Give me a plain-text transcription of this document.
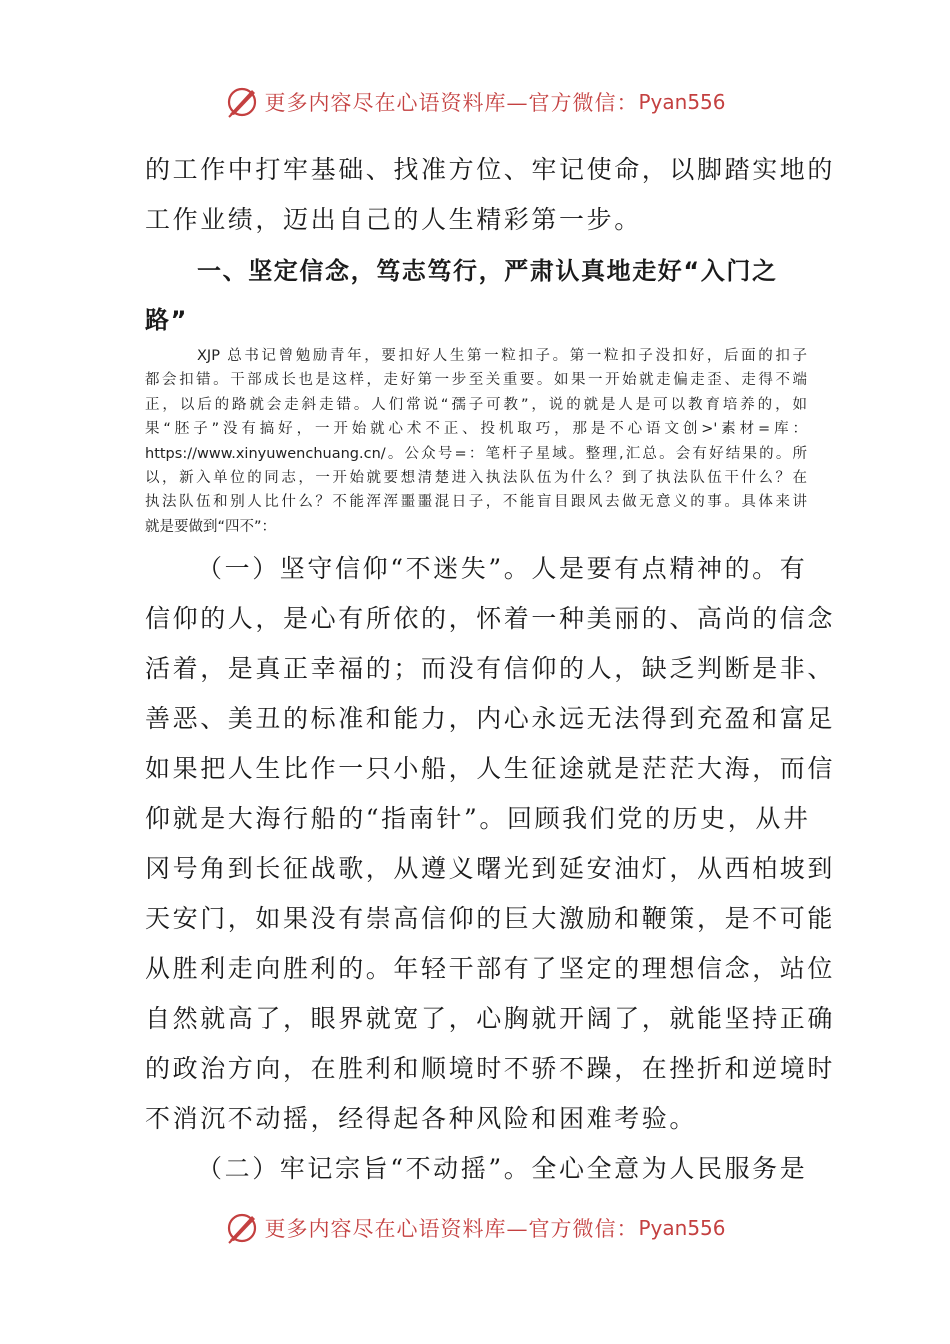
更多内容尽在心语资料库— 官方微信： Pyan556
的工作中打牢基础、找准方位、牢记使命，以脚踏实地的
工作业绩，迈出自己的人生精彩第一步。
一、坚定信念，笃志笃行，严肃认真地走好“入门之
路”
XJP 总书记曾勉励青年，要扣好人生第一粒扣子。第一粒扣子没扣好，后面的扣子
都会扣错。干部成长也是这样，走好第一步至关重要。如果一开始就走偏走歪、走得不端
正，以后的路就会走斜走错。人们常说“孺子可教”，说的就是人是可以教育培养的，如
果“胚子”没有搞好，一开始就心术不正、投机取巧，那是不心语文创>'素材=库：
https://www.xinyuwenchuang.cn/。公众号=：笔杆子星域。整理,汇总。会有好结果的。所
以，新入单位的同志，一开始就要想清楚进入执法队伍为什么？到了执法队伍干什么？在
执法队伍和别人比什么？不能浑浑噩噩混日子，不能盲目跟风去做无意义的事。具体来讲
就是要做到“四不”：
（一）坚守信仰“不迷失”。人是要有点精神的。有
信仰的人，是心有所依的，怀着一种美丽的、高尚的信念
活着，是真正幸福的；而没有信仰的人，缺乏判断是非、
善恶、美丑的标准和能力，内心永远无法得到充盈和富足
如果把人生比作一只小船，人生征途就是茫茫大海，而信
仰就是大海行船的“指南针”。回顾我们党的历史，从井
冈号角到长征战歌，从遵义曙光到延安油灯，从西柏坡到
天安门，如果没有崇高信仰的巨大激励和鞭策，是不可能
从胜利走向胜利的。年轻干部有了坚定的理想信念，站位
自然就高了，眼界就宽了，心胸就开阔了，就能坚持正确
的政治方向，在胜利和顺境时不骄不躁，在挫折和逆境时
不消沉不动摇，经得起各种风险和困难考验。
（二）牢记宗旨“不动摇”。全心全意为人民服务是
更多内容尽在心语资料库— 官方微信： Pyan556
